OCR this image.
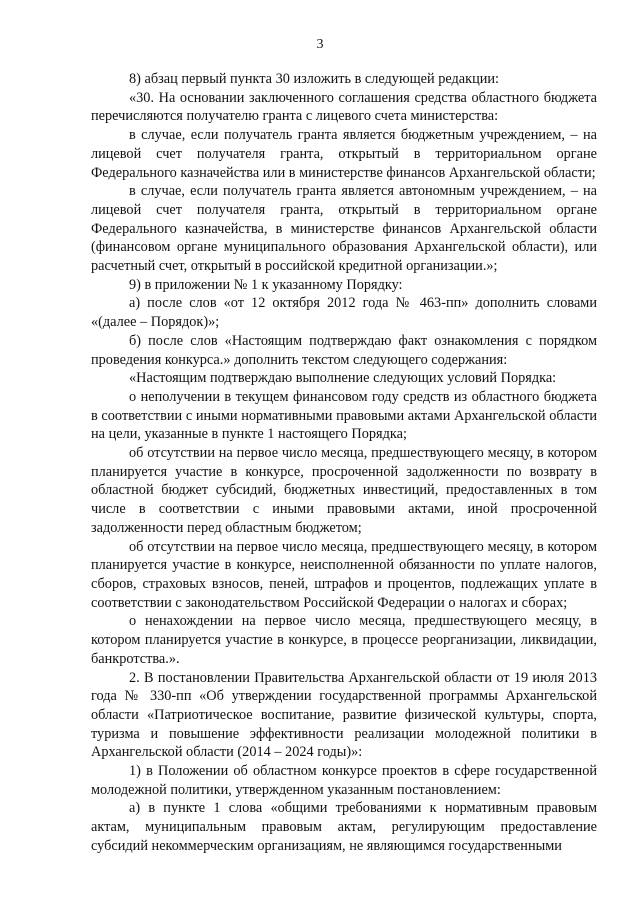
3

8) абзац первый пункта 30 изложить в следующей редакции:

«30. На основании заключенного соглашения средства областного бюджета перечисляются получателю гранта с лицевого счета министерства:

в случае, если получатель гранта является бюджетным учреждением, – на лицевой счет получателя гранта, открытый в территориальном органе Федерального казначейства или в министерстве финансов Архангельской области;

в случае, если получатель гранта является автономным учреждением, – на лицевой счет получателя гранта, открытый в территориальном органе Федерального казначейства, в министерстве финансов Архангельской области (финансовом органе муниципального образования Архангельской области), или расчетный счет, открытый в российской кредитной организации.»;

9) в приложении № 1 к указанному Порядку:

а) после слов «от 12 октября 2012 года № 463-пп» дополнить словами «(далее – Порядок)»;

б) после слов «Настоящим подтверждаю факт ознакомления с порядком проведения конкурса.» дополнить текстом следующего содержания:

«Настоящим подтверждаю выполнение следующих условий Порядка:

о неполучении в текущем финансовом году средств из областного бюджета в соответствии с иными нормативными правовыми актами Архангельской области на цели, указанные в пункте 1 настоящего Порядка;

об отсутствии на первое число месяца, предшествующего месяцу, в котором планируется участие в конкурсе, просроченной задолженности по возврату в областной бюджет субсидий, бюджетных инвестиций, предоставленных в том числе в соответствии с иными правовыми актами, иной просроченной задолженности перед областным бюджетом;

об отсутствии на первое число месяца, предшествующего месяцу, в котором планируется участие в конкурсе, неисполненной обязанности по уплате налогов, сборов, страховых взносов, пеней, штрафов и процентов, подлежащих уплате в соответствии с законодательством Российской Федерации о налогах и сборах;

о ненахождении на первое число месяца, предшествующего месяцу, в котором планируется участие в конкурсе, в процессе реорганизации, ликвидации, банкротства.».

2. В постановлении Правительства Архангельской области от 19 июля 2013 года № 330-пп «Об утверждении государственной программы Архангельской области «Патриотическое воспитание, развитие физической культуры, спорта, туризма и повышение эффективности реализации молодежной политики в Архангельской области (2014 – 2024 годы)»:

1) в Положении об областном конкурсе проектов в сфере государственной молодежной политики, утвержденном указанным постановлением:

а) в пункте 1 слова «общими требованиями к нормативным правовым актам, муниципальным правовым актам, регулирующим предоставление субсидий некоммерческим организациям, не являющимся государственными
